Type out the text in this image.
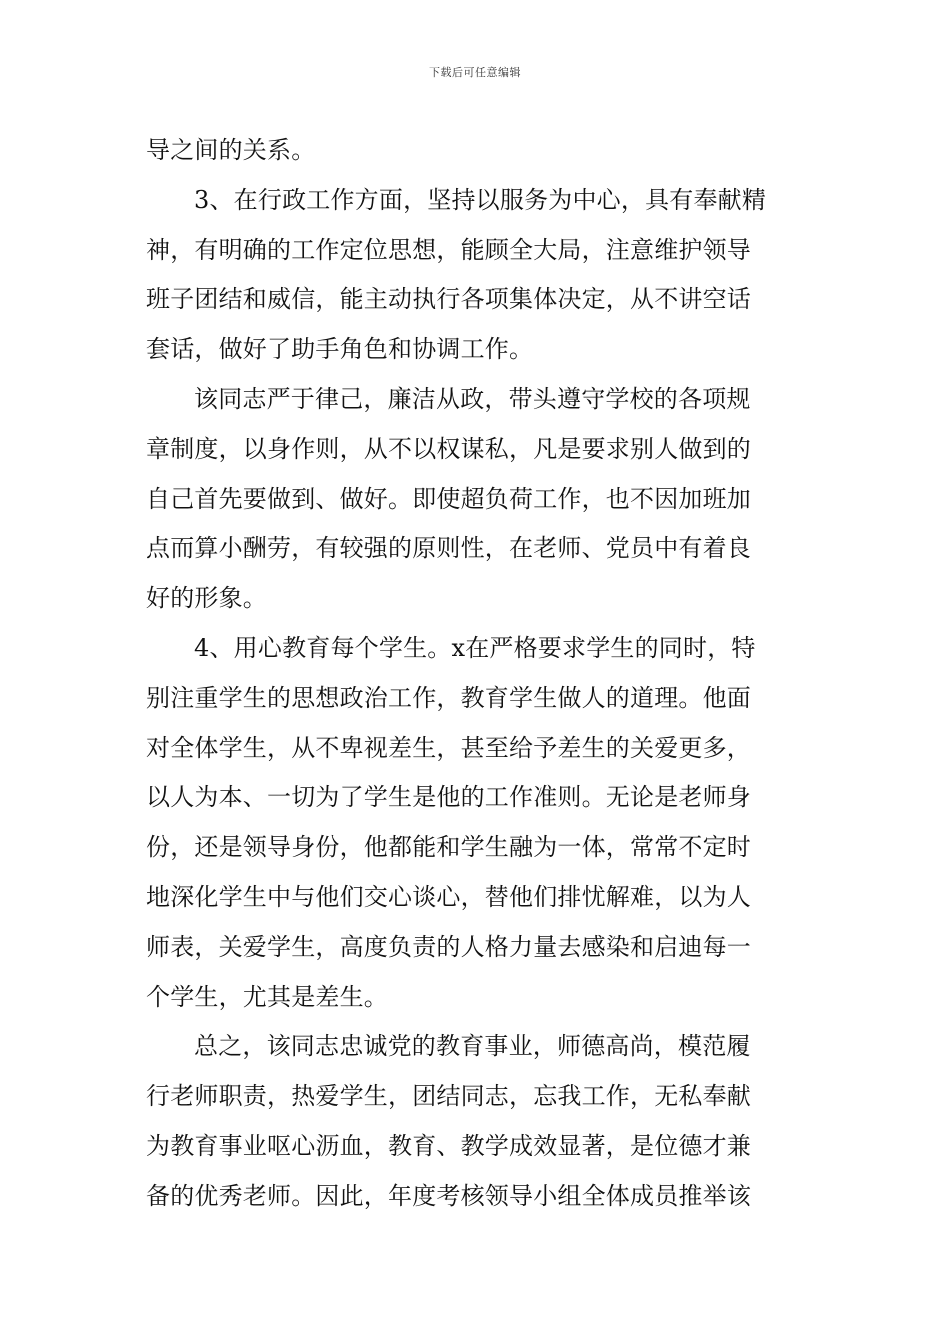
下载后可任意编辑
导之间的关系。
3、在行政工作方面，坚持以服务为中心，具有奉献精
神，有明确的工作定位思想，能顾全大局，注意维护领导
班子团结和威信，能主动执行各项集体决定，从不讲空话
套话，做好了助手角色和协调工作。
该同志严于律己，廉洁从政，带头遵守学校的各项规
章制度，以身作则，从不以权谋私，凡是要求别人做到的
自己首先要做到、做好。即使超负荷工作，也不因加班加
点而算小酬劳，有较强的原则性，在老师、党员中有着良
好的形象。
4、用心教育每个学生。x在严格要求学生的同时，特
别注重学生的思想政治工作，教育学生做人的道理。他面
对全体学生，从不卑视差生，甚至给予差生的关爱更多，
以人为本、一切为了学生是他的工作准则。无论是老师身
份，还是领导身份，他都能和学生融为一体，常常不定时
地深化学生中与他们交心谈心，替他们排忧解难，以为人
师表，关爱学生，高度负责的人格力量去感染和启迪每一
个学生，尤其是差生。
总之，该同志忠诚党的教育事业，师德高尚，模范履
行老师职责，热爱学生，团结同志，忘我工作，无私奉献
为教育事业呕心沥血，教育、教学成效显著，是位德才兼
备的优秀老师。因此，年度考核领导小组全体成员推举该
